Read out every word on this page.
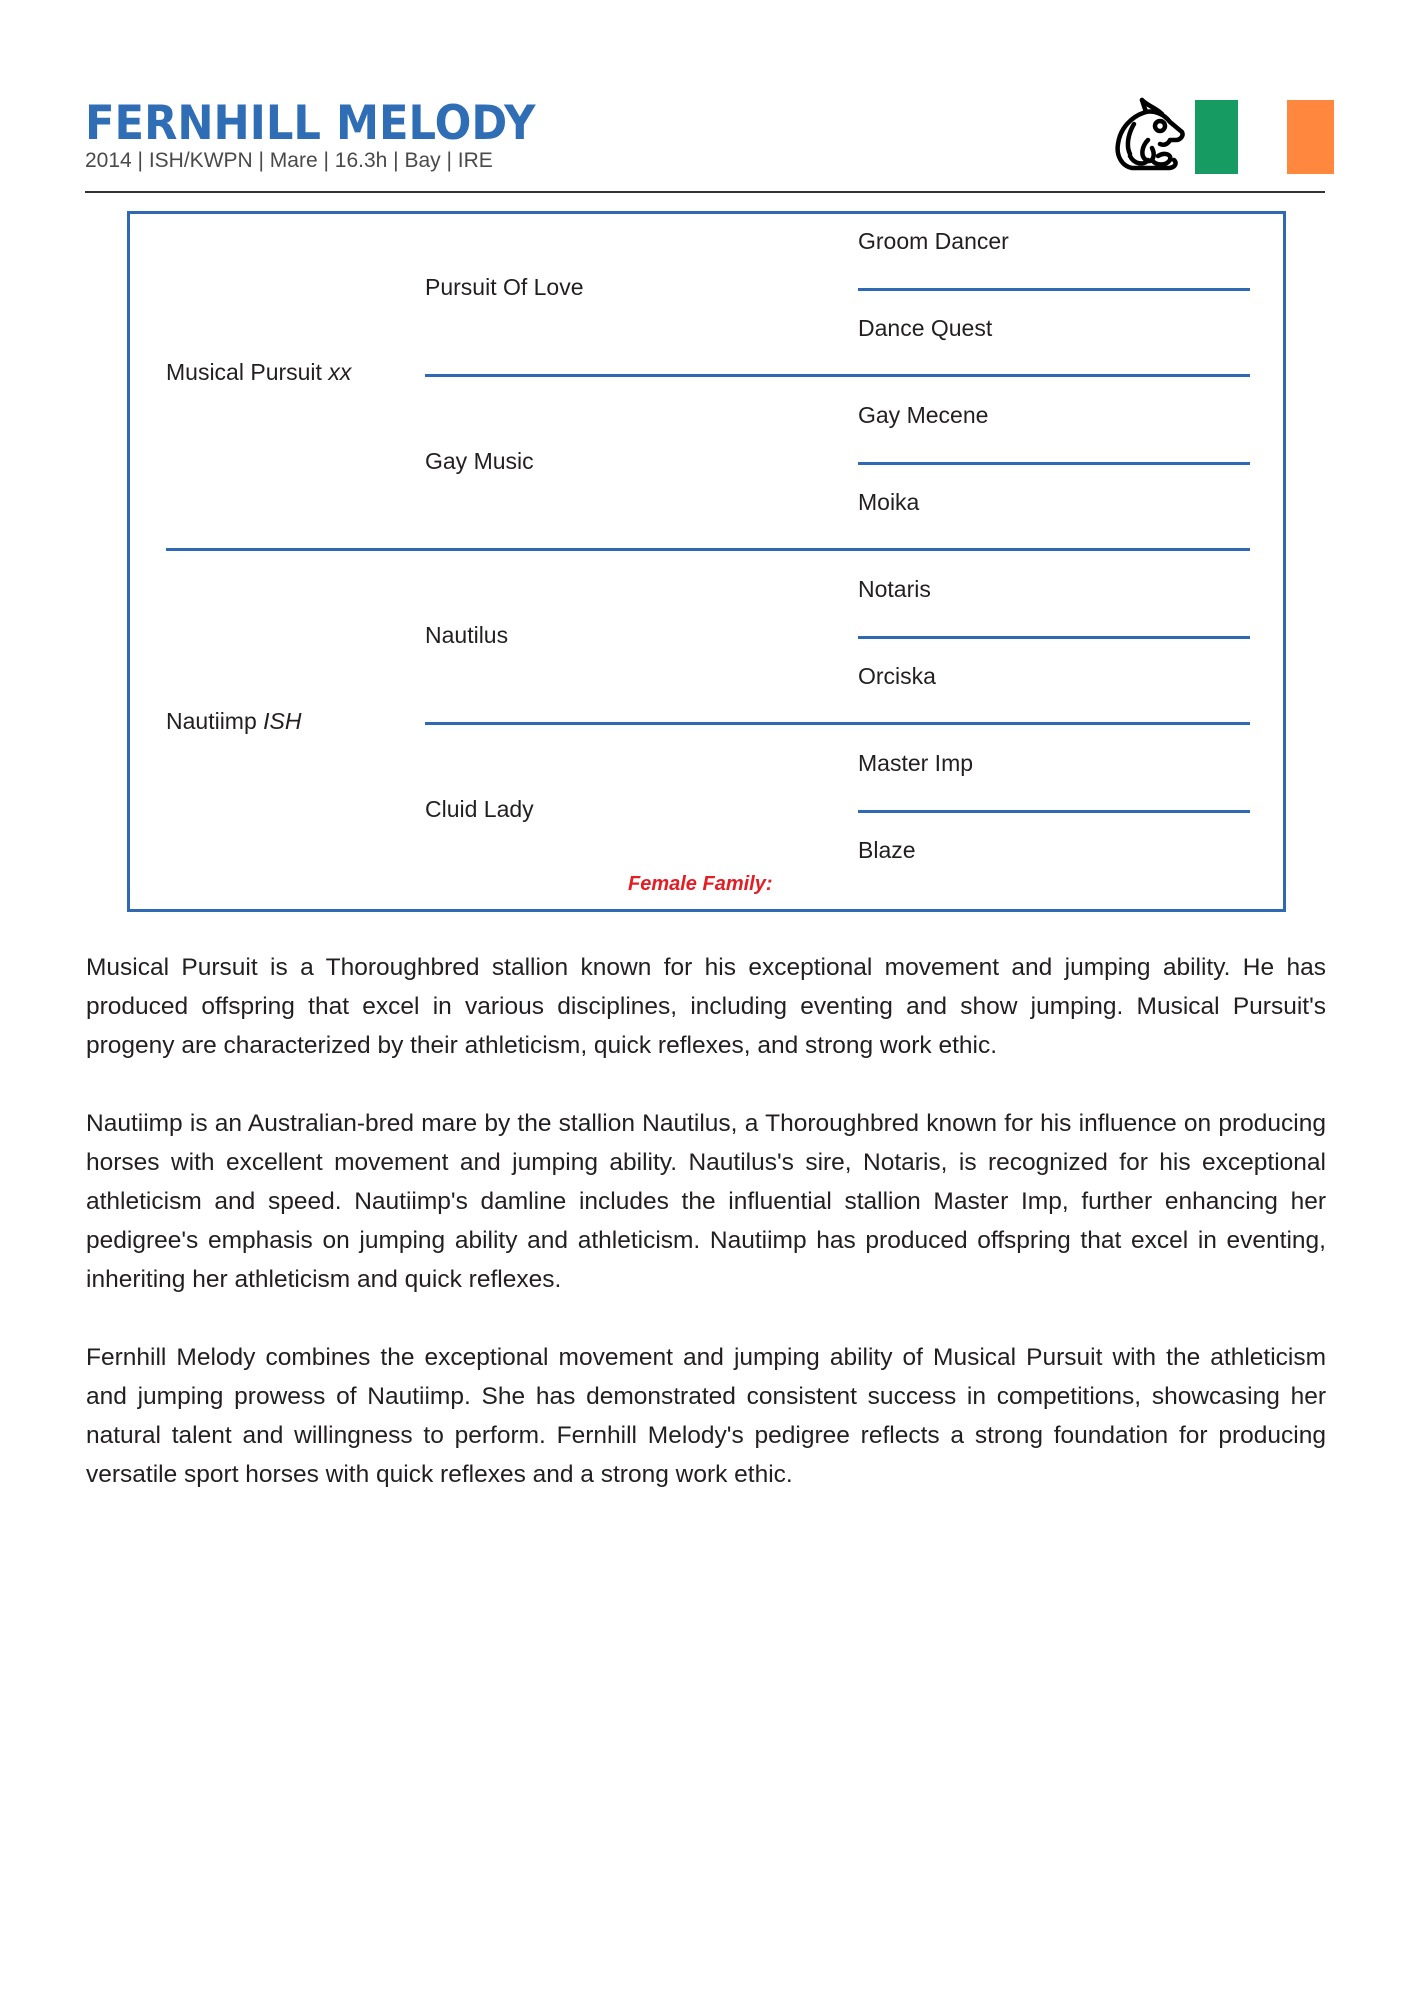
FERNHILL MELODY
2014 | ISH/KWPN | Mare | 16.3h | Bay | IRE
Musical Pursuit xx
Nautiimp ISH
Pursuit Of Love
Gay Music
Nautilus
Cluid Lady
Groom Dancer
Dance Quest
Gay Mecene
Moika
Notaris
Orciska
Master Imp
Blaze
Female Family:

Musical Pursuit is a Thoroughbred stallion known for his exceptional movement and jumping ability. He has produced offspring that excel in various disciplines, including eventing and show jumping. Musical Pursuit's progeny are characterized by their athleticism, quick reflexes, and strong work ethic.

Nautiimp is an Australian-bred mare by the stallion Nautilus, a Thoroughbred known for his influence on producing horses with excellent movement and jumping ability. Nautilus's sire, Notaris, is recognized for his exceptional athleticism and speed. Nautiimp's damline includes the influential stallion Master Imp, further enhancing her pedigree's emphasis on jumping ability and athleticism. Nautiimp has produced offspring that excel in eventing, inheriting her athleticism and quick reflexes.

Fernhill Melody combines the exceptional movement and jumping ability of Musical Pursuit with the athleticism and jumping prowess of Nautiimp. She has demonstrated consistent success in competitions, showcasing her natural talent and willingness to perform. Fernhill Melody's pedigree reflects a strong foundation for producing versatile sport horses with quick reflexes and a strong work ethic.
